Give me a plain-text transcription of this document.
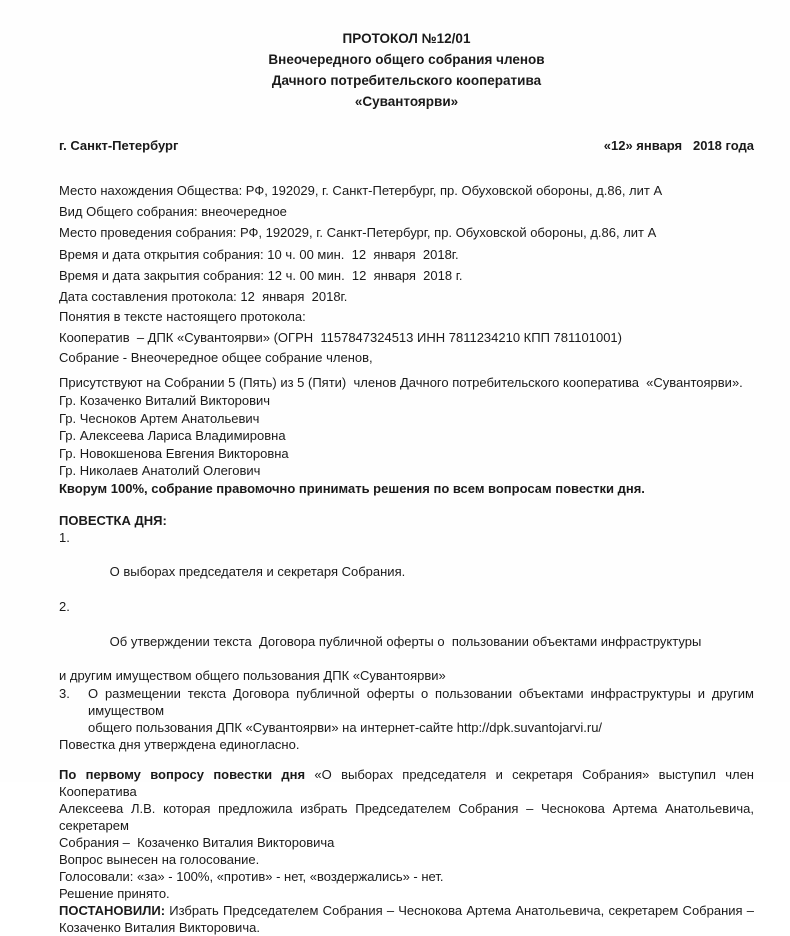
ПРОТОКОЛ №12/01
Внеочередного общего собрания членов
Дачного потребительского кооператива
«Сувантоярви»
г. Санкт-Петербург	«12» января   2018 года
Место нахождения Общества: РФ, 192029, г. Санкт-Петербург, пр. Обуховской обороны, д.86, лит А
Вид Общего собрания: внеочередное
Место проведения собрания: РФ, 192029, г. Санкт-Петербург, пр. Обуховской обороны, д.86, лит А
Время и дата открытия собрания: 10 ч. 00 мин.  12  января  2018г.
Время и дата закрытия собрания: 12 ч. 00 мин.  12  января  2018 г.
Дата составления протокола: 12  января  2018г.
Понятия в тексте настоящего протокола:
Кооператив  – ДПК «Сувантоярви» (ОГРН  1157847324513 ИНН 7811234210 КПП 781101001)
Собрание - Внеочередное общее собрание членов,
Присутствуют на Собрании 5 (Пять) из 5 (Пяти)  членов Дачного потребительского кооператива  «Сувантоярви».
Гр. Козаченко Виталий Викторович
Гр. Чесноков Артем Анатольевич
Гр. Алексеева Лариса Владимировна
Гр. Новокшенова Евгения Викторовна
Гр. Николаев Анатолий Олегович
Кворум 100%, собрание правомочно принимать решения по всем вопросам повестки дня.
ПОВЕСТКА ДНЯ:

1.

О выборах председателя и секретаря Собрания.

2.

Об утверждении текста  Договора публичной оферты о  пользовании объектами инфраструктуры

и другим имуществом общего пользования ДПК «Сувантоярви»
3. О размещении текста Договора публичной оферты о пользовании объектами инфраструктуры и другим имуществом
общего пользования ДПК «Сувантоярви» на интернет-сайте http://dpk.suvantojarvi.ru/
Повестка дня утверждена единогласно.
По первому вопросу повестки дня «О выборах председателя и секретаря Собрания» выступил член Кооператива
Алексеева Л.В. которая предложила избрать Председателем Собрания – Чеснокова Артема Анатольевича, секретарем
Собрания –  Козаченко Виталия Викторовича
Вопрос вынесен на голосование.
Голосовали: «за» - 100%, «против» - нет, «воздержались» - нет.
Решение принято.
ПОСТАНОВИЛИ: Избрать Председателем Собрания – Чеснокова Артема Анатольевича, секретарем Собрания –
Козаченко Виталия Викторовича.
